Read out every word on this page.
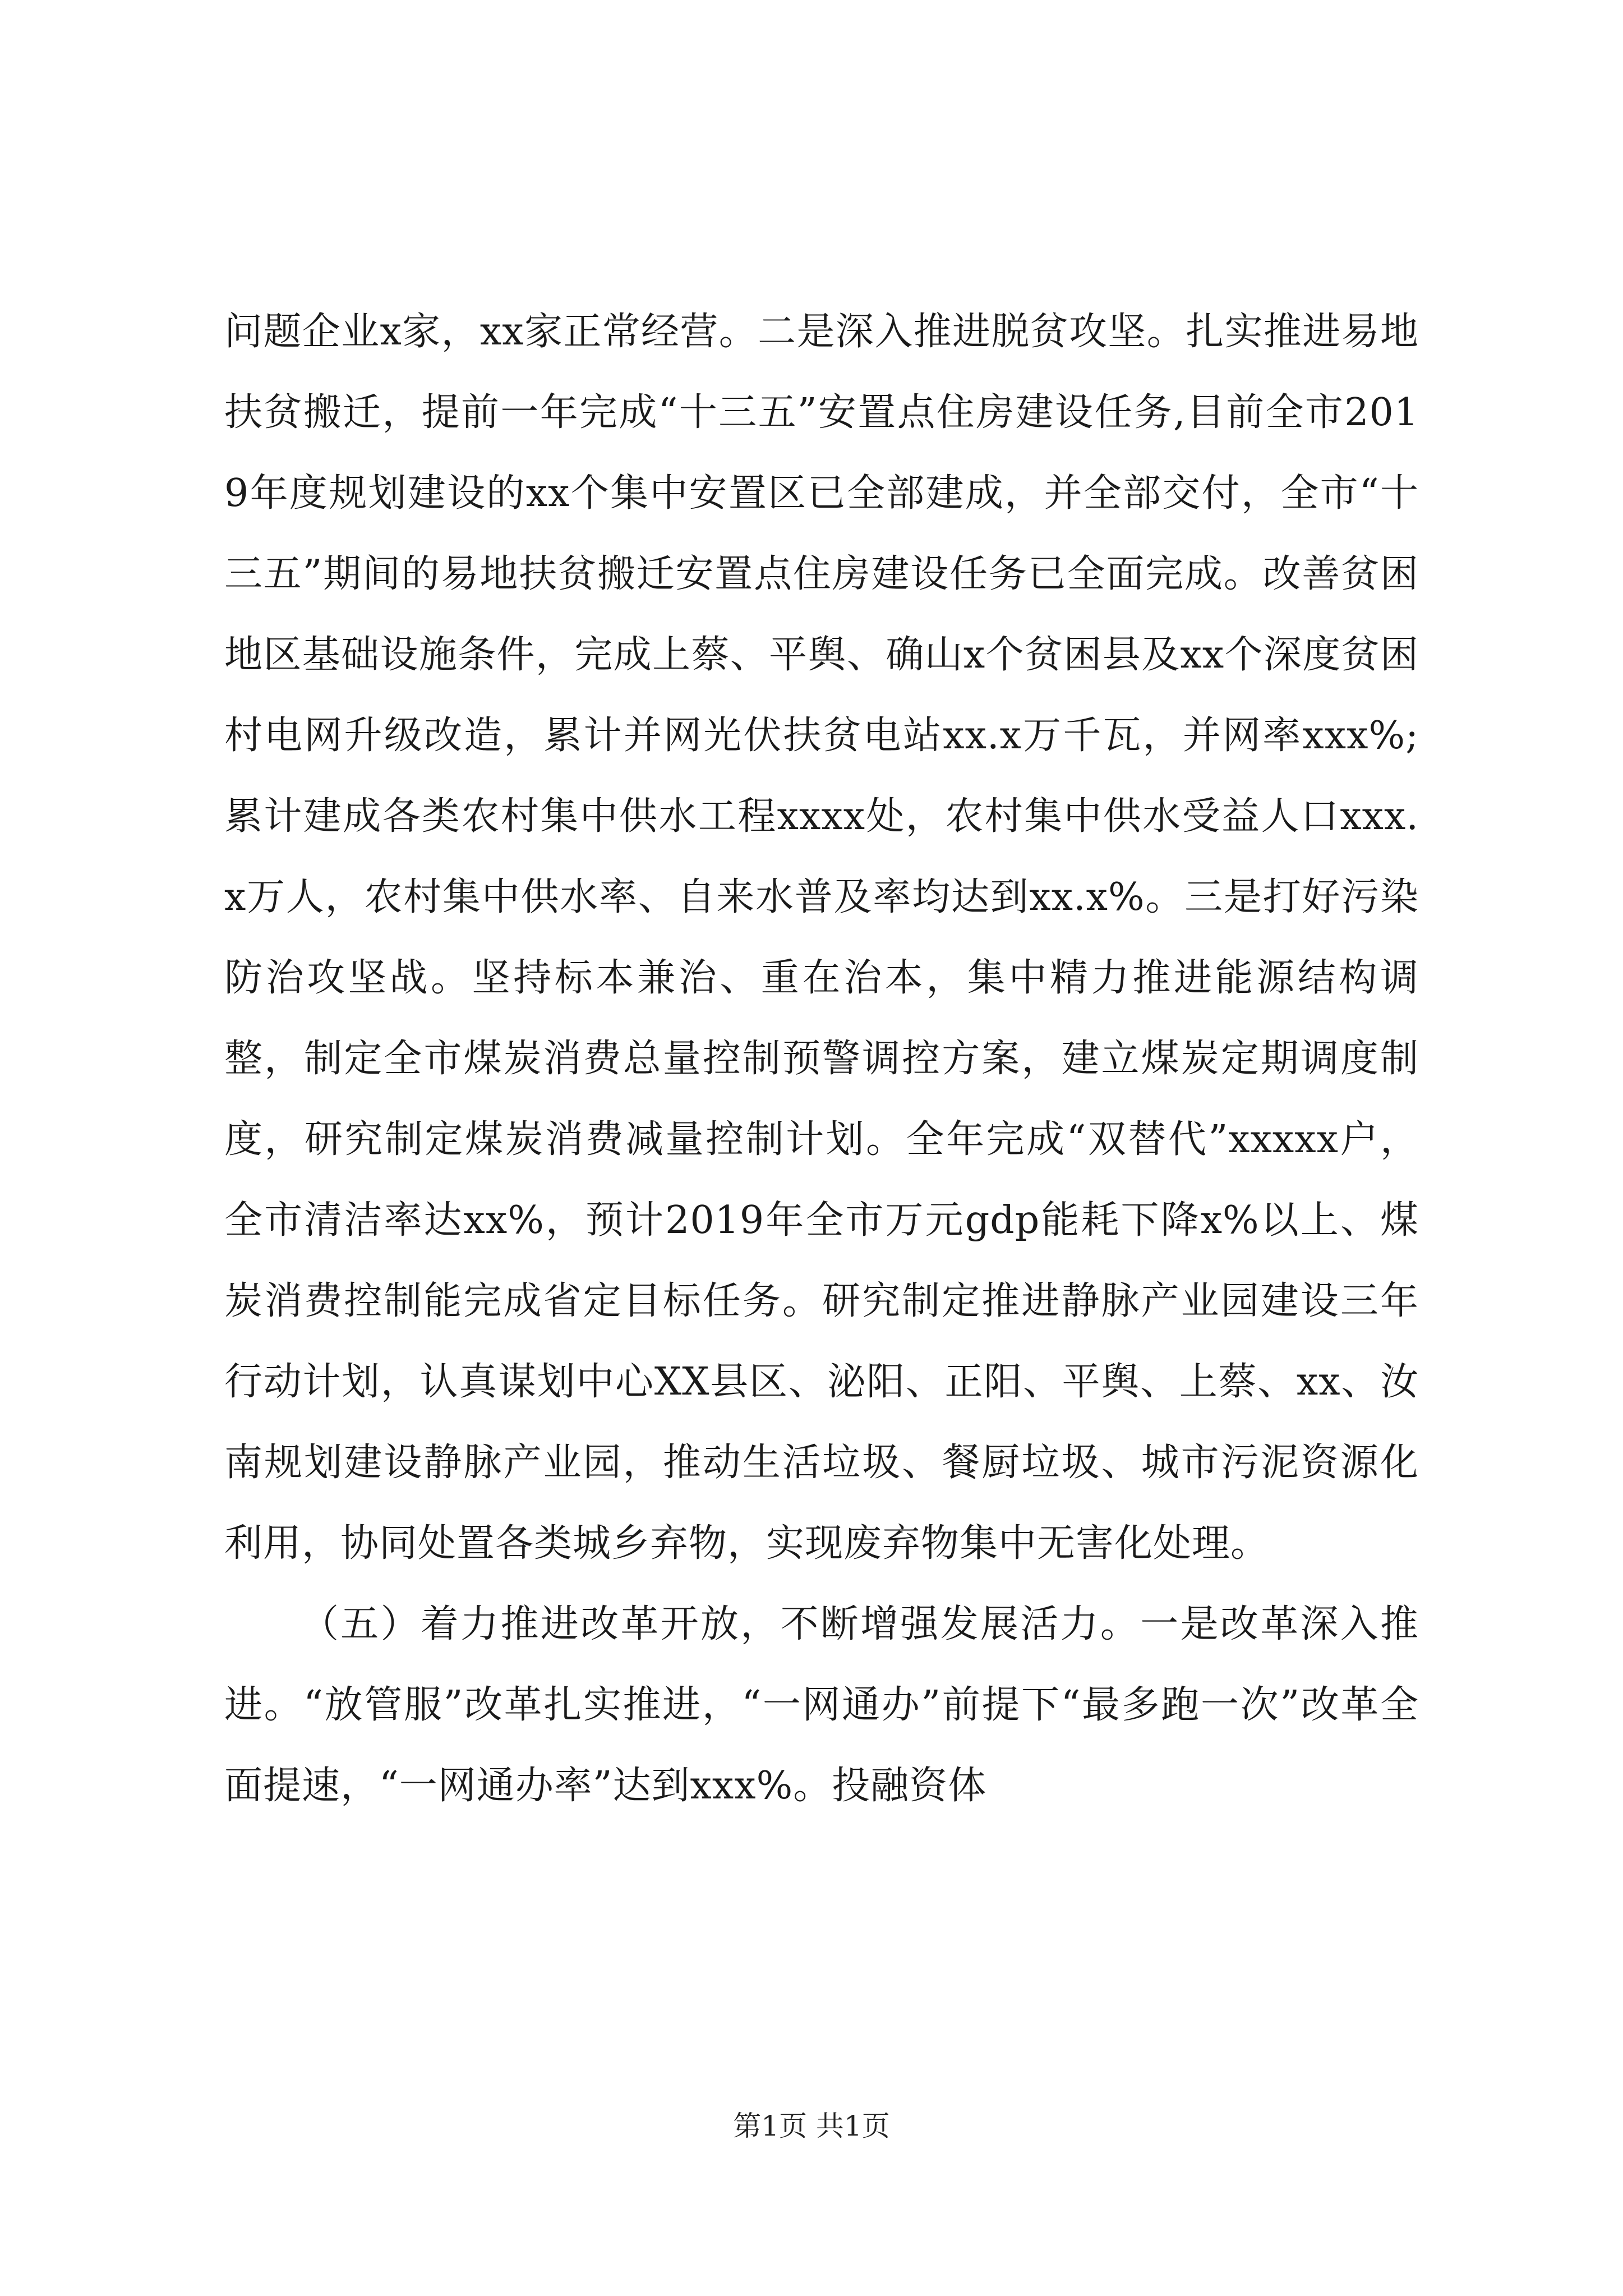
问题企业x家，xx家正常经营。二是深入推进脱贫攻坚。扎实推进易地扶贫搬迁，提前一年完成“十三五”安置点住房建设任务,目前全市2019年度规划建设的xx个集中安置区已全部建成，并全部交付，全市“十三五”期间的易地扶贫搬迁安置点住房建设任务已全面完成。改善贫困地区基础设施条件，完成上蔡、平舆、确山x个贫困县及xx个深度贫困村电网升级改造，累计并网光伏扶贫电站xx.x万千瓦，并网率xxx%;累计建成各类农村集中供水工程xxxx处，农村集中供水受益人口xxx.x万人，农村集中供水率、自来水普及率均达到xx.x%。三是打好污染防治攻坚战。坚持标本兼治、重在治本，集中精力推进能源结构调整，制定全市煤炭消费总量控制预警调控方案，建立煤炭定期调度制度，研究制定煤炭消费减量控制计划。全年完成“双替代”xxxxx户，全市清洁率达xx%，预计2019年全市万元gdp能耗下降x%以上、煤炭消费控制能完成省定目标任务。研究制定推进静脉产业园建设三年行动计划，认真谋划中心XX县区、泌阳、正阳、平舆、上蔡、xx、汝南规划建设静脉产业园，推动生活垃圾、餐厨垃圾、城市污泥资源化利用，协同处置各类城乡弃物，实现废弃物集中无害化处理。

（五）着力推进改革开放，不断增强发展活力。一是改革深入推进。“放管服”改革扎实推进，“一网通办”前提下“最多跑一次”改革全面提速，“一网通办率”达到xxx%。投融资体

第1页 共1页
